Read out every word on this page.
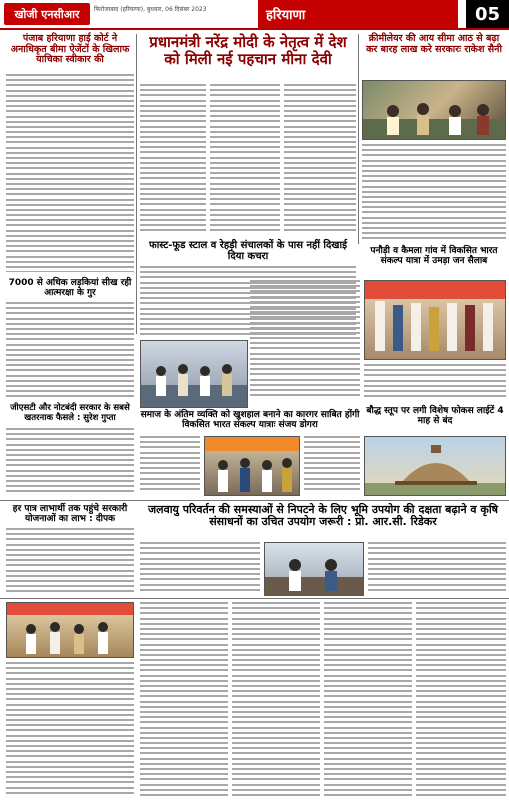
खोजी एनसीआर	फिरोजाबाद (हरियाणा), बुधवार, 06 दिसंबर 2023	हरियाणा	05
पंजाब हरियाणा हाई कोर्ट ने अनाधिकृत बीमा ऐजेंटों के खिलाफ याचिका स्वीकार की
प्रधानमंत्री नरेंद्र मोदी के नेतृत्व में देश को मिली नई पहचान मीना देवी
क्रीमीलेयर की आय सीमा आठ से बढ़ा कर बारह लाख करे सरकारः राकेश सैनी
7000 से अधिक लड़कियां सीख रही आत्मरक्षा के गुर
फास्ट-फूड स्टाल व रेहड़ी संचालकों के पास नहीं दिखाई दिया कचरा
पनौड़ी व कैमला गांव में विकसित भारत संकल्प यात्रा में उमड़ा जन सैलाब
जीएसटी और नोटबंदी सरकार के सबसे खतरनाक फैसले : सुरेश गुप्ता	समाज के अंतिम व्यक्ति को खुशहाल बनाने का कारगर साबित होंगी विकसित भारत संकल्प यात्राः संजय डोगरा
बौद्ध स्तूप पर लगी विशेष फोकस लाईटें 4 माह से बंद
हर पात्र लाभार्थी तक पहुंचे सरकारी योजनाओं का लाभ : दीपक
जलवायु परिवर्तन की समस्याओं से निपटने के लिए भूमि उपयोग की दक्षता बढ़ाने व कृषि संसाधनों का उचित उपयोग जरूरी : प्रो. आर.सी. रिडेकर
